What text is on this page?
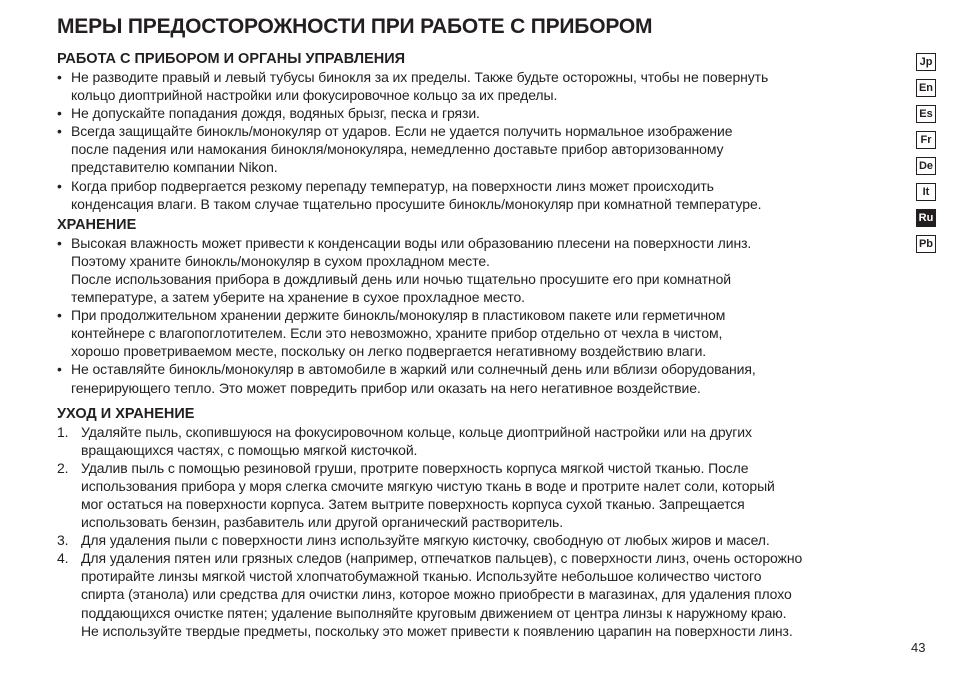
МЕРЫ ПРЕДОСТОРОЖНОСТИ ПРИ РАБОТЕ С ПРИБОРОМ
РАБОТА С ПРИБОРОМ И ОРГАНЫ УПРАВЛЕНИЯ
• Не разводите правый и левый тубусы бинокля за их пределы. Также будьте осторожны, чтобы не повернуть
кольцо диоптрийной настройки или фокусировочное кольцо за их пределы.
• Не допускайте попадания дождя, водяных брызг, песка и грязи.
• Всегда защищайте бинокль/монокуляр от ударов. Если не удается получить нормальное изображение
после падения или намокания бинокля/монокуляра, немедленно доставьте прибор авторизованному
представителю компании Nikon.
• Когда прибор подвергается резкому перепаду температур, на поверхности линз может происходить
конденсация влаги. В таком случае тщательно просушите бинокль/монокуляр при комнатной температуре.
ХРАНЕНИЕ
• Высокая влажность может привести к конденсации воды или образованию плесени на поверхности линз.
Поэтому храните бинокль/монокуляр в сухом прохладном месте.
После использования прибора в дождливый день или ночью тщательно просушите его при комнатной
температуре, а затем уберите на хранение в сухое прохладное место.
• При продолжительном хранении держите бинокль/монокуляр в пластиковом пакете или герметичном
контейнере с влагопоглотителем. Если это невозможно, храните прибор отдельно от чехла в чистом,
хорошо проветриваемом месте, поскольку он легко подвергается негативному воздействию влаги.
• Не оставляйте бинокль/монокуляр в автомобиле в жаркий или солнечный день или вблизи оборудования,
генерирующего тепло. Это может повредить прибор или оказать на него негативное воздействие.
УХОД И ХРАНЕНИЕ
1. Удаляйте пыль, скопившуюся на фокусировочном кольце, кольце диоптрийной настройки или на других
вращающихся частях, с помощью мягкой кисточкой.
2. Удалив пыль с помощью резиновой груши, протрите поверхность корпуса мягкой чистой тканью. После
использования прибора у моря слегка смочите мягкую чистую ткань в воде и протрите налет соли, который
мог остаться на поверхности корпуса. Затем вытрите поверхность корпуса сухой тканью. Запрещается
использовать бензин, разбавитель или другой органический растворитель.
3. Для удаления пыли с поверхности линз используйте мягкую кисточку, свободную от любых жиров и масел.
4. Для удаления пятен или грязных следов (например, отпечатков пальцев), с поверхности линз, очень осторожно
протирайте линзы мягкой чистой хлопчатобумажной тканью. Используйте небольшое количество чистого
спирта (этанола) или средства для очистки линз, которое можно приобрести в магазинах, для удаления плохо
поддающихся очистке пятен; удаление выполняйте круговым движением от центра линзы к наружному краю.
Не используйте твердые предметы, поскольку это может привести к появлению царапин на поверхности линз.
Jp
En
Es
Fr
De
It
Ru
Pb
43
